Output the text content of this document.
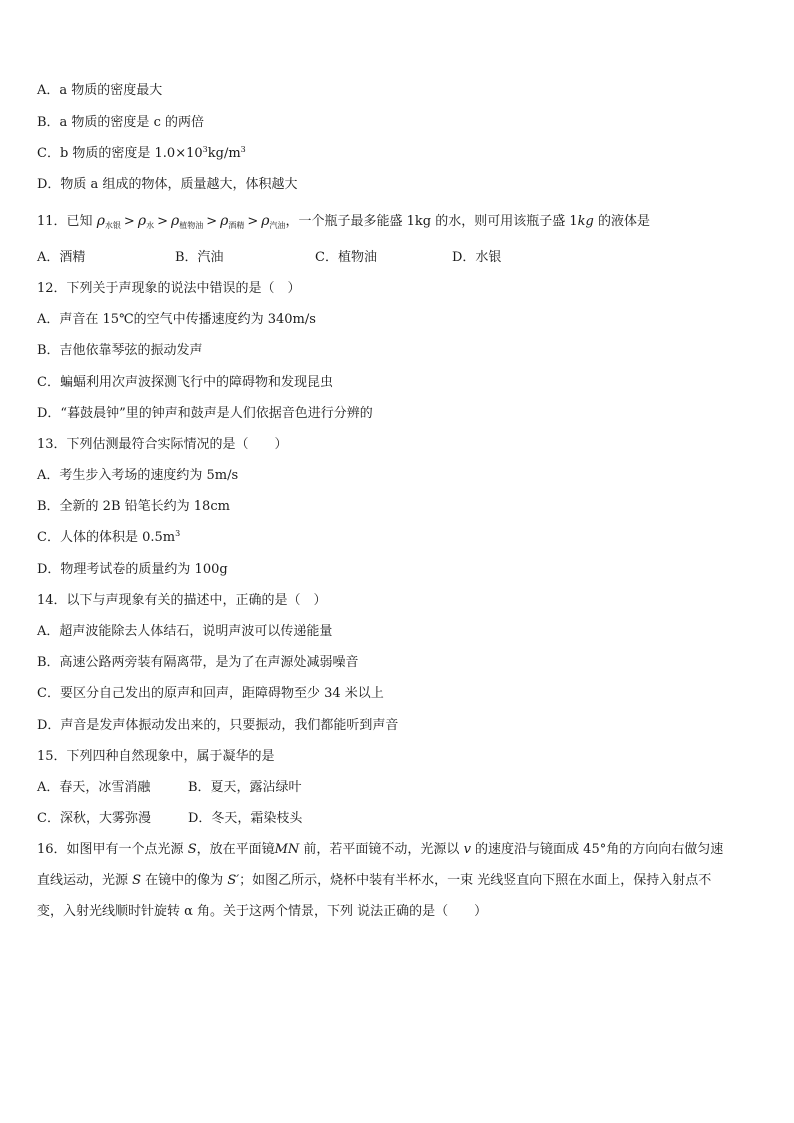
A．a 物质的密度最大
B．a 物质的密度是 c 的两倍
C．b 物质的密度是 $1.0\times 10^3kg/m^3$
D．物质 a 组成的物体，质量越大，体积越大
11．已知 $\rho_{水银} > \rho_水 > \rho_{植物油} > \rho_{酒精} > \rho_{汽油}$，一个瓶子最多能盛 1kg 的水，则可用该瓶子盛 1kg 的液体是
A．酒精	B．汽油	C．植物油	D．水银
12．下列关于声现象的说法中错误的是（　）
A．声音在 15℃的空气中传播速度约为 340m/s
B．吉他依靠琴弦的振动发声
C．蝙蝠利用次声波探测飞行中的障碍物和发现昆虫
D．“暮鼓晨钟”里的钟声和鼓声是人们依据音色进行分辨的
13．下列估测最符合实际情况的是（　　）
A．考生步入考场的速度约为 5m/s
B．全新的 2B 铅笔长约为 18cm
C．人体的体积是 $0.5m^3$
D．物理考试卷的质量约为 100g
14．以下与声现象有关的描述中，正确的是（　）
A．超声波能除去人体结石，说明声波可以传递能量
B．高速公路两旁装有隔离带，是为了在声源处减弱噪音
C．要区分自己发出的原声和回声，距障碍物至少 34 米以上
D．声音是发声体振动发出来的，只要振动，我们都能听到声音
15．下列四种自然现象中，属于凝华的是
A．春天，冰雪消融	B．夏天，露沾绿叶
C．深秋，大雾弥漫	D．冬天，霜染枝头
16．如图甲有一个点光源 S，放在平面镜MN 前，若平面镜不动，光源以 v 的速度沿与镜面成 45°角的方向向右做匀速
直线运动，光源 S 在镜中的像为 S′；如图乙所示，烧杯中装有半杯水，一束 光线竖直向下照在水面上，保持入射点不
变，入射光线顺时针旋转 α 角。关于这两个情景，下列 说法正确的是（　　）
